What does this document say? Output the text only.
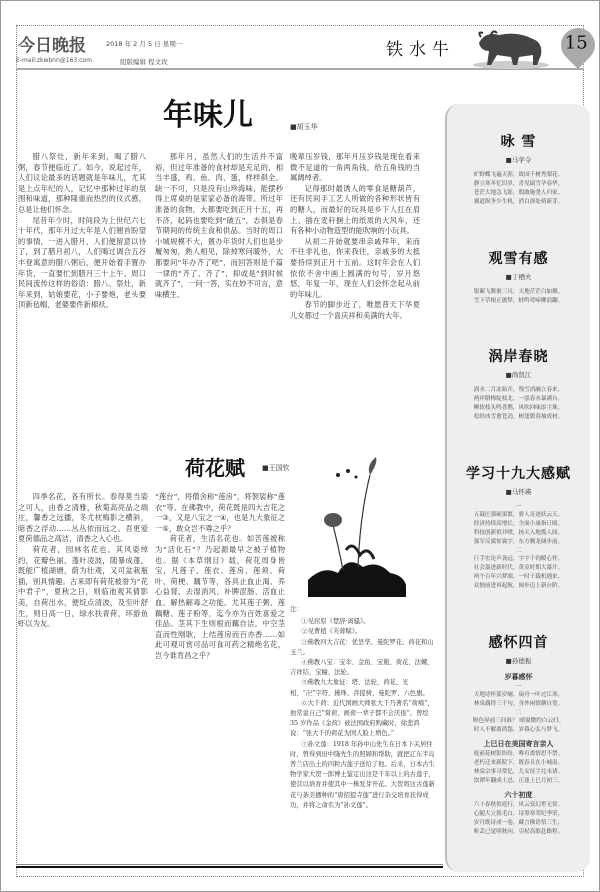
今日晚报	2018 年 2 月 5 日 星期一
E-mail:zkwbnn@163.com	组版编辑 程文玫
铁水牛	15
年味儿	■胡玉华

腊八祭灶，新年来到，喝了腊八粥，春节便临近了。如今，说起过年，人们议论最多的话题就是年味儿，尤其是上点年纪的人，记忆中那种过年的氛围和味道，那种隆重而热烈的仪式感，总是让他们怀念。

尾昔年少时，时间段为上世纪六七十年代，那年月过大年是人们翘首盼望的事情，一进入腊月，人们便留意以待了，到了腊月初八，人们喝过调合五谷丰登寓意的腊八粥后，便开始着手置办年货，一直要忙到腊月三十上午。周口民间流传这样的俗语：腊八、祭灶，新年来到，姑娘要花，小子要炮，老头要顶新毡帽，老婆要件新棉袄。

那年月，虽然人们的生活并不富裕，但过年准备的食材却是充足的，相当丰盛，鸡、鱼、肉、蛋，样样俱全，缺一不可，只是没有山珍海味，能摆秒得上席桌的是家家必备的海带。所过年准备的食物，大都要吃到正月十五，再不济，起码也要吃到“破五”，志俱是春节期间的传统主食和供品。当时的周口小城规模不大，置办年货时人们也是步履匆匆，熟人相见，除掉寒问暖外，大都要问“年办齐了吧”，而回答则是千篇一律的“齐了、齐了”，抑或是“到时候就齐了”，一问一答，实在妙不可言，意味横生。

晚辈压岁钱，那年月压岁钱是现在看来微不足道的一角两角钱，给五角钱的当属阔绰者。

记得那时最诱人的零食是糖葫芦，还有民间手工艺人所做的各种形状皆有的糖人，而最好的玩具是乡下人扛在肩上、插在麦秆捆上的纸质的大风车，还有各种小动物造型的能吹响的小玩具。

从初二开始就要串亲戚拜年，来而不往非礼也，你来我往，亲戚多的大抵要持续到正月十五前。这时年会在人们依依不舍中画上圆满的句号，岁月悠悠，年复一年，现在人们会怀念起从前的年味儿。

春节的脚步近了，唯愿普天下华夏儿女都过一个喜庆祥和美满的大年。

荷花赋 ■王国钦

四季名花，各有所长。春得莫当姿之可人，由香之清雅，秋菊高亮品之端庄，馨香之远播，冬尤枕梅影之横斜，暗香之浮动……丛丛依而远之。吾更爱夏荷德品之高洁，清香之入心也。

荷花者，园林名花也。其风姿绰约，花瓣色丽，蓬叶凌波，随暴成蓬，既能广植湖塘，蔚为壮观，又可盆栽瓶插，别具情趣。古来即有荷花被誉为“花中君子”，夏秋之日，则临池观其倩影美，自荷出水，便绽点清波，及至叶舒生，则日高一日，绿水扶青荷，环游鱼虾以为友。

“莲台”，将僧舍称“莲房”，将袈裟称“莲衣”等。在佛教中，荷花既是四大吉花之一③，又是八宝之一④，也是九大象征之一⑤，敢众岂不尊之乎？

荷花者，生活名花也。如苦莲被称为“活化石”？乃起源最早之被子植物也。据《本草纲目》载，荷花周身皆宝，凡莲子、莲衣、莲房、莲须、荷叶、荷梗、藕节等，各具止血止渴、养心益肾、去湿消风、补脾涩肠、活血止血、解热解毒之功能。尤其莲子粥、莲藕糖、莲子粉等，迄今亦为百姓喜爱之佳品。茎其下生则根而藕自洁，中空茎直而性刚耿，上结莲房而百亦香……如此可观可赏可品可食可药之精绝名花，岂今谁肯昌之乎？

注：

①见屈原《楚辞·离骚》。

②见曹植《芙蓉赋》。

③佛教四大吉花：优昙华、曼陀罗花、荷花和山玉兰。

④佛教八宝：宝伞、金鱼、宝瓶、荷花、法螺、吉祥结、宝幢、法轮。

⑤佛教九大象征：塔、法轮、荷花、光相、“卍”字符、拂珠、菩提树、曼陀罗、六色旗。

⑥大千荷：近代国画大师张大千乃著名“荷痴”，他常说自己“赏荷、画荷一辈子都不会厌倦”。曾绘 35 岁作品《金荷》被法国政府购藏时，徐悲鸿说：“张大千的荷花为国人脸上增色。”

⑦孙文莲：1918 年孙中山先生在日本下关居住时，曾得到田中隆先生的照顾和帮助，就把辽东半岛普兰店出土的四粒古莲子送给了他。后来，日本古生物学家大贺一郎博士鉴定出这是千年以上的古莲子，使营以培育并使其中一株发芽开花。大贺将这古莲新花与荼美播种的“唐招提寺莲”进行杂交培育获得成功，并将之命名为“孙文莲”。

咏 雪
■马学令
旷野蝶飞遍天涯，故园千树秀梨花。
静立寒冬忆旧岁，喜见瑞雪孕春华。
苍茫大地急飞影，瑕敢施尧人归家。
翼道纵争少生机，消白深处萌新芽。
观雪有感
■丁栖夫
银絮飞舞裹三川，天地茫茫白如烟。
雪下草根正做梦，蛙鸣莺啼柳浪翻。
涡岸春晓
■尚贤江
涡水二月冻始开，残雪消融立春来。
两岸腊梅绽枝北，一泓春水暴满台。
柳软枝头鸣喜鹊，风吹回味添尘珠。
松经冰雪愈苍劲，树逢繁春抽成材。
学习十九大感赋
■马怀瑛
一
五载匡强硕果繁，骄人奇迹跃云天。
经济持续高增长，全面小康指日圆。
科技创新似井喷，扬天入地揽人间。
强军反腐惊寰宇，东方腾龙阔步前。
二
巨手宏论声袅远，字字千钧暖心怀。
社会嘉进新时代，黄金时期大幕开。
两个百年兴梦图，一时千载机遇来。
众独前进再起航，阔步迈上新台阶。
感怀四首
■孙德振
岁暮感怀
一
天地诗怀篆岁阑，扁舟一叶过江寒。
林泉偶得三千句，身外闲情聊自宽。
二
暝色屏前三问谁？ 晴窗微约白云归。
时人不解离鸿怨，岁暮心弘与梦飞。
上巳日在美国寄言亲人
庭前花树影纷纷，唯有离情思不禁。
老朽迁来新院下，既春且在小城南。
林泉宗事寻常忆，儿女征尘兑未诸。
饮潭年翻成士忌，正逢上巳月初三。
六十初度
六十春秋似庭行，风云变幻世无常。
心随大立鬓毛白，诗筹寒荣纪季荣。
岁月既诗成一卷，藏言佛语悟三生。
斩丢已觉明秋向，引杖高歌赴路程。
